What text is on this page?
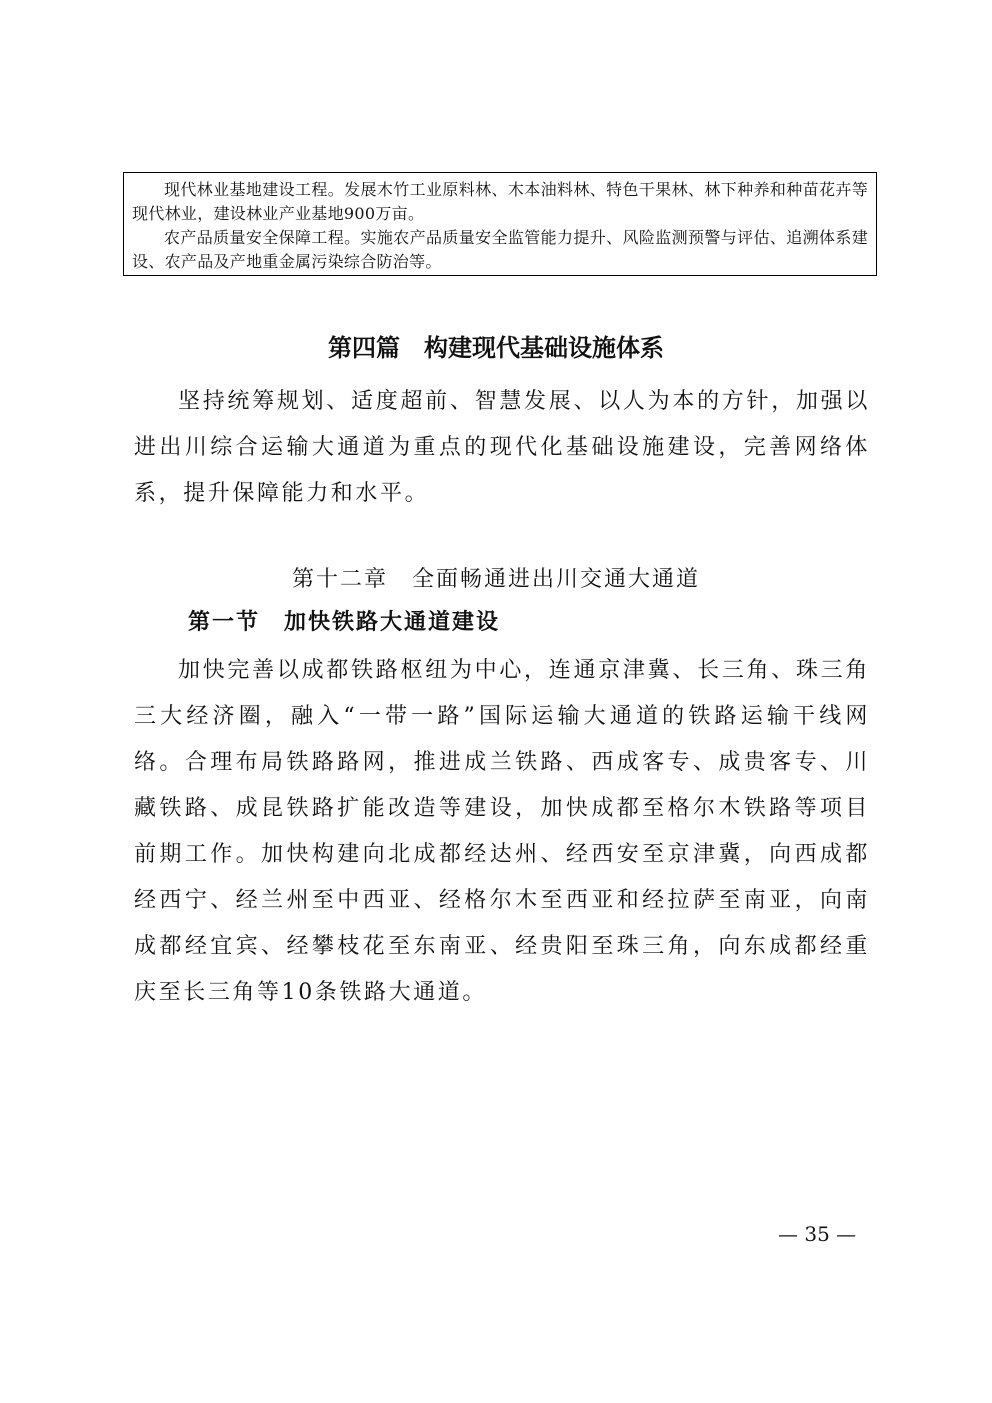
现代林业基地建设工程。发展木竹工业原料林、木本油料林、特色干果林、林下种养和种苗花卉等现代林业，建设林业产业基地900万亩。

农产品质量安全保障工程。实施农产品质量安全监管能力提升、风险监测预警与评估、追溯体系建设、农产品及产地重金属污染综合防治等。

第四篇　构建现代基础设施体系

坚持统筹规划、适度超前、智慧发展、以人为本的方针，加强以进出川综合运输大通道为重点的现代化基础设施建设，完善网络体系，提升保障能力和水平。

第十二章　全面畅通进出川交通大通道
第一节　加快铁路大通道建设

加快完善以成都铁路枢纽为中心，连通京津冀、长三角、珠三角三大经济圈，融入“一带一路”国际运输大通道的铁路运输干线网络。合理布局铁路路网，推进成兰铁路、西成客专、成贵客专、川藏铁路、成昆铁路扩能改造等建设，加快成都至格尔木铁路等项目前期工作。加快构建向北成都经达州、经西安至京津冀，向西成都经西宁、经兰州至中西亚、经格尔木至西亚和经拉萨至南亚，向南成都经宜宾、经攀枝花至东南亚、经贵阳至珠三角，向东成都经重庆至长三角等10条铁路大通道。

— 35 —
